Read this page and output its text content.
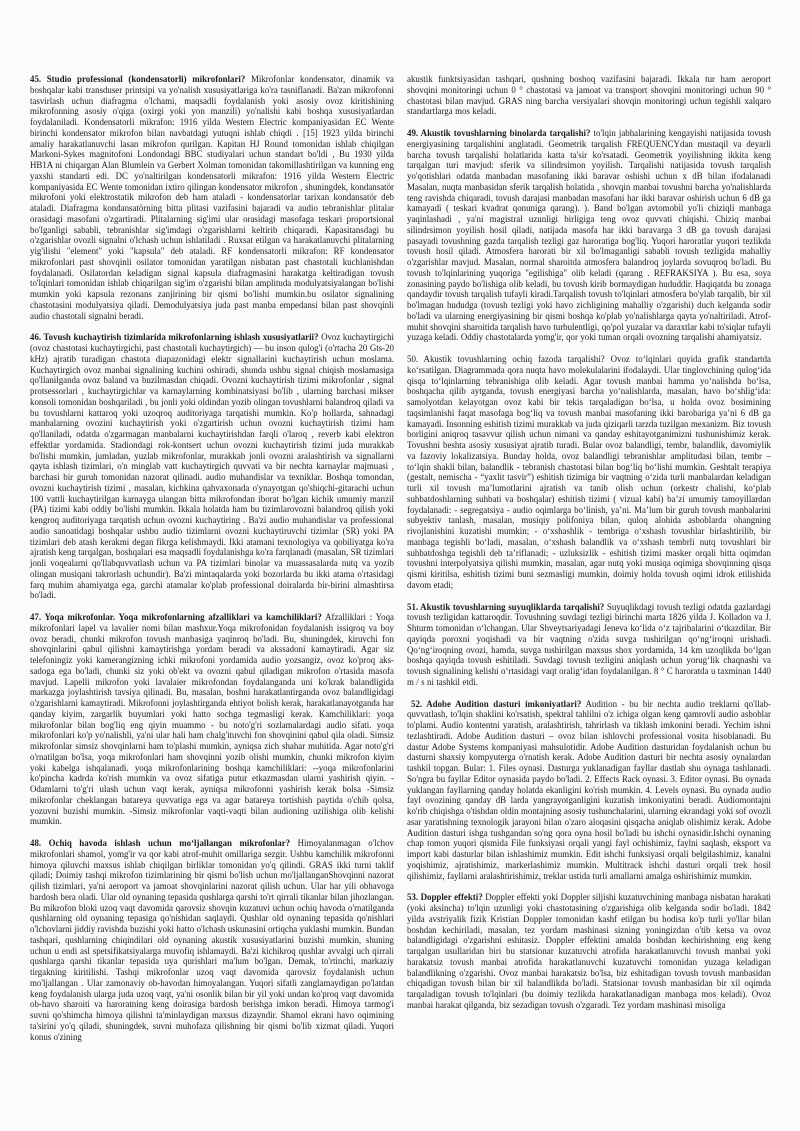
45. Studio professional (kondensatorli) mikrofonlari? Mikrofonlar kondensator, dinamik va boshqalar kabi transduser printsipi va yo'nalish xususiyatlariga ko'ra tasniflanadi. Ba'zan mikrofonni tasvirlash uchun diafragma o'lchami, maqsadli foydalanish yoki asosiy ovoz kiritishining mikrofonning asosiy o'qiga (oxirgi yoki yon manzili) yo'nalishi kabi boshqa xususiyatlardan foydalaniladi. Kondensatorli mikrafon: 1916 yilda Western Electric kompaniyasidan EC Wente birinchi kondensator mikrofon bilan navbatdagi yutuqni ishlab chiqdi . [15] 1923 yilda birinchi amaliy harakatlanuvchi lasan mikrofon qurilgan. Kapitan HJ Round tomonidan ishlab chiqilgan Markoni-Sykes magnitofoni Londondagi BBC studiyalari uchun standart bo'ldi , Bu 1930 yilda HB1A ni chiqargan Alan Blumlein va Gerbert Xolman tomonidan takomillashtirilgan va kunning eng yaxshi standarti edi. DC yo'naltirilgan kondensatorli mikrafon: 1916 yilda Western Electric kompaniyasida EC Wente tomonidan ixtiro qilingan kondensator mikrofon , shuningdek, kondansatör mikrofoni yoki elektrostatik mikrofon deb ham ataladi - kondensatorlar tarixan kondansatör deb ataladi. Diafragma kondansatörning bitta plitasi vazifasini bajaradi va audio tebranishlar plitalar orasidagi masofani o'zgartiradi. Plitalarning sig'imi ular orasidagi masofaga teskari proportsional bo'lganligi sababli, tebranishlar sig'imdagi o'zgarishlarni keltirib chiqaradi. Kapasitansdagi bu o'zgarishlar ovozli signalni o'lchash uchun ishlatiladi . Ruxsat etilgan va harakatlanuvchi plitalarning yig'ilishi "element" yoki "kapsula" deb ataladi. RF kondensatorli mikrafon: RF kondensator mikrofonlari past shovqinli osilator tomonidan yaratilgan nisbatan past chastotali kuchlanishdan foydalanadi. Osilatordan keladigan signal kapsula diafragmasini harakatga keltiradigan tovush to'lqinlari tomonidan ishlab chiqarilgan sig'im o'zgarishi bilan amplituda modulyatsiyalangan bo'lishi mumkin yoki kapsula rezonans zanjirining bir qismi bo'lishi mumkin.bu osilator signalining chastotasini modulyatsiya qiladi. Demodulyatsiya juda past manba empedansi bilan past shovqinli audio chastotali signalni beradi.

46. Tovush kuchaytirish tizimlarida mikrofonlarning ishlash xususiyatlarii? Ovoz kuchaytirgichi (ovoz chastotasi kuchaytirgichi, past chastotali kuchaytirgich) — bu inson qulog'i (o'rtacha 20 Gts-20 kHz) ajratib turadigan chastota diapazonidagi elektr signallarini kuchaytirish uchun moslama. Kuchaytirgich ovoz manbai signalining kuchini oshiradi, shunda ushbu signal chiqish moslamasiga qo'llanilganda ovoz baland va buzilmasdan chiqadi. Ovozni kuchaytirish tizimi mikrofonlar , signal protsessorlari , kuchaytirgichlar va karnaylarning kombinatsiyasi bo'lib , ularning barchasi mikser konsoli tomonidan boshqariladi , bu jonli yoki oldindan yozib olingan tovushlarni balandroq qiladi va bu tovushlarni kattaroq yoki uzoqroq auditoriyaga tarqatishi mumkin. Ko'p hollarda, sahnadagi manbalarning ovozini kuchaytirish yoki o'zgartirish uchun ovozni kuchaytirish tizimi ham qo'llaniladi, odatda o'zgarmagan manbalarni kuchaytirishdan farqli o'laroq , reverb kabi elektron effektlar yordamida. Stadiondagi rok-kontsert uchun ovozni kuchaytirish tizimi juda murakkab bo'lishi mumkin, jumladan, yuzlab mikrofonlar, murakkab jonli ovozni aralashtirish va signallarni qayta ishlash tizimlari, o'n minglab vatt kuchaytirgich quvvati va bir nechta karnaylar majmuasi , barchasi bir guruh tomonidan nazorat qilinadi. audio muhandislar va texniklar. Boshqa tomondan, ovozni kuchaytirish tizimi , masalan, kichkina qahvaxonada o'ynayotgan qo'shiqchi-gitarachi uchun 100 vattli kuchaytirilgan karnayga ulangan bitta mikrofondan iborat bo'lgan kichik umumiy manzil (PA) tizimi kabi oddiy bo'lishi mumkin. Ikkala holatda ham bu tizimlarovozni balandroq qilish yoki kengroq auditoriyaga tarqatish uchun ovozni kuchaytiring . Ba'zi audio muhandislar va professional audio sanoatidagi boshqalar ushbu audio tizimlarni ovozni kuchaytiruvchi tizimlar (SR) yoki PA tizimlari deb atash kerakmi degan fikrga kelishmaydi. Ikki atamani texnologiya va qobiliyatga ko'ra ajratish keng tarqalgan, boshqalari esa maqsadli foydalanishga ko'ra farqlanadi (masalan, SR tizimlari jonli voqealarni qo'llabquvvatlash uchun va PA tizimlari binolar va muassasalarda nutq va yozib olingan musiqani takrorlash uchundir). Ba'zi mintaqalarda yoki bozorlarda bu ikki atama o'rtasidagi farq muhim ahamiyatga ega, garchi atamalar ko'plab professional doiralarda bir-birini almashtirsa bo'ladi.

47. Yoqa mikrofonlar. Yoqa mikrofonlarning afzalliklari va kamchiliklari? Afzalliklari : Yoqa mikrofonlari lapel va lavalier nomi bilan mashxur.Yoqa mikrofonidan foydalanish issiqroq va boy ovoz beradi, chunki mikrofon tovush manbasiga yaqinroq bo'ladi. Bu, shuningdek, kiruvchi fon shovqinlarini qabul qilishni kamaytirishga yordam beradi va akssadoni kamaytiradi. Agar siz telefoningiz yoki kamerangizning ichki mikrofoni yordamida audio yozsangiz, ovoz ko'proq aks-sadoga ega bo'ladi, chunki siz yoki ob'ekt va ovozni qabul qiladigan mikrofon o'rtasida masofa mavjud. Lapelli mikrofon yoki lavalaier mikrofondan foydalanganda uni ko'krak balandligida markazga joylashtirish tavsiya qilinadi. Bu, masalan, boshni harakatlantirganda ovoz balandligidagi o'zgarishlarni kamaytiradi. Mikrofonni joylashtirganda ehtiyot bolish kerak, harakatlanayotganda har qanday kiyim, zargarlik buyumlari yoki hatto sochga tegmasligi kerak. Kamchiliklari: yoqa mikrofonlar bilan bog'liq eng qiyin muammo - bu noto'g'ri sozlamalardagi audio sifati. yoqa mikrofonlari ko'p yo'nalishli, ya'ni ular hali ham chalg'ituvchi fon shovqinini qabul qila oladi. Simsiz mikrofonlar simsiz shovqinlarni ham to'plashi mumkin, ayniqsa zich shahar muhitida. Agar noto'g'ri o'rnatilgan bo'lsa, yoqa mikrofonlari ham shovqinni yozib olishi mumkin, chunki mikrofon kiyim yoki kabelga ishqalanadi. yoqa mikrofonlarining boshqa kamchiliklari: --yoqa mikrofonlarini ko'pincha kadrda ko'rish mumkin va ovoz sifatiga putur etkazmasdan ularni yashirish qiyin. -Odamlarni to'g'ri ulash uchun vaqt kerak, ayniqsa mikrofonni yashirish kerak bolsa -Simsiz mikrofonlar cheklangan batareya quvvatiga ega va agar batareya tortishish paytida o'chib qolsa, yozuvni buzishi mumkin. -Simsiz mikrofonlar vaqti-vaqti bilan audioning uzilishiga olib kelishi mumkin.

48. Ochiq havoda ishlash uchun mo‘ljallangan mikrofonlar? Himoyalanmagan o'lchov mikrofonlari shamol, yomg'ir va qor kabi atrof-muhit omillariga sezgir. Ushbu kamchilik mikrofonni himoya qiluvchi maxsus ishlab chiqilgan birliklar tomonidan yo'q qilindi. GRAS ikki turni taklif qiladi; Doimiy tashqi mikrofon tizimlarining bir qismi bo'lish uchun mo'ljallanganShovqinni nazorat qilish tizimlari, ya'ni aeroport va jamoat shovqinlarini nazorat qilish uchun. Ular har yili obhavoga bardosh bera oladi. Ular old oynaning tepasida qushlarga qarshi to'rt qirrali tikanlar bilan jihozlangan. Bu mikrofon bloki uzoq vaqt davomida qarovsiz shovqin kuzatuvi uchun ochiq havoda o'rnatilganda qushlarning old oynaning tepasiga qo'nishidan saqlaydi. Qushlar old oynaning tepasida qo'nishlari o'lchovlarni jiddiy ravishda buzishi yoki hatto o'lchash uskunasini ortiqcha yuklashi mumkin. Bundan tashqari, qushlarning chiqindilari old oynaning akustik xususiyatlarini buzishi mumkin, shuning uchun u endi asl spetsifikatsiyalarga muvofiq ishlamaydi. Ba'zi kichikroq qushlar avvalgi uch qirrali qushlarga qarshi tikanlar tepasida uya qurishlari ma'lum bo'lgan. Demak, to'rtinchi, markaziy tirgakning kiritilishi. Tashqi mikrofonlar uzoq vaqt davomida qarovsiz foydalanish uchun mo'ljallangan . Ular zamonaviy ob-havodan himoyalangan. Yuqori sifatli zanglamaydigan po'latdan keng foydalanish ularga juda uzoq vaqt, ya'ni osonlik bilan bir yil yoki undan ko'proq vaqt davomida ob-havo sharoiti va haroratning keng doirasiga bardosh berishga imkon beradi. Himoya tarmog'i suvni qo'shimcha himoya qilishni ta'minlaydigan maxsus dizayndir. Shamol ekrani havo oqimining ta'sirini yo'q qiladi, shuningdek, suvni muhofaza qilishning bir qismi bo'lib xizmat qiladi. Yuqori konus o'zining

akustik funktsiyasidan tashqari, qushning boshoq vazifasini bajaradi. Ikkala tur ham aeroport shovqini monitoringi uchun 0 ° chastotasi va jamoat va transport shovqini monitoringi uchun 90 ° chastotasi bilan mavjud. GRAS ning barcha versiyalari shovqin monitoringi uchun tegishli xalqaro standartlarga mos keladi.

49. Akustik tovushlarning binolarda tarqalishi? to'lqin jabhalarining kengayishi natijasida tovush energiyasining tarqalishini anglatadi. Geometrik tarqalish FREQUENCYdan mustaqil va deyarli barcha tovush tarqalishi holatlarida katta ta'sir ko'rsatadi. Geometrik yoyilishning ikkita keng tarqalgan turi mavjud: sferik va silindrsimon yoyilish. Tarqalishi natijasida tovush tarqalish yo'qotishlari odatda manbadan masofaning ikki baravar oshishi uchun x dB bilan ifodalanadi Masalan, nuqta manbasidan sferik tarqalish holatida , shovqin manbai tovushni barcha yo'nalishlarda teng ravishda chiqaradi, tovush darajasi manbadan masofani har ikki baravar oshirish uchun 6 dB ga kamayadi ( teskari kvadrat qonuniga qarang). ). Band bo'lgan avtomobil yo'li chiziqli manbaga yaqinlashadi , ya'ni magistral uzunligi birligiga teng ovoz quvvati chiqishi. Chiziq manbai silindrsimon yoyilish hosil qiladi, natijada masofa har ikki baravarga 3 dB ga tovush darajasi pasayadi tovushning gazda tarqalish tezligi gaz haroratiga bog'liq. Yuqori haroratlar yuqori tezlikda tovush hosil qiladi. Atmosfera harorati bir xil bo'lmaganligi sababli tovush tezligida mahalliy o'zgarishlar mavjud. Masalan, normal sharoitda atmosfera balandroq joylarda sovuqroq bo'ladi. Bu tovush to'lqinlarining yuqoriga "egilishiga" olib keladi (qarang . REFRAKSIYA ). Bu esa, soya zonasining paydo bo'lishiga olib keladi, bu tovush kirib bormaydigan hududdir. Haqiqatda bu zonaga qandaydir tovush tarqalish tufayli kiradi.Tarqalish tovush to'lqinlari atmosfera bo'ylab tarqalib, bir xil bo'lmagan hududga (tovush tezligi yoki havo zichligining mahalliy o'zgarishi) duch kelganda sodir bo'ladi va ularning energiyasining bir qismi boshqa ko'plab yo'nalishlarga qayta yo'naltiriladi. Atrof-muhit shovqini sharoitida tarqalish havo turbulentligi, qo'pol yuzalar va daraxtlar kabi to'siqlar tufayli yuzaga keladi. Oddiy chastotalarda yomg'ir, qor yoki tuman orqali ovozning tarqalishi ahamiyatsiz.

50. Akustik tovushlarning ochiq fazoda tarqalishi? Ovoz toʻlqinlari quyida grafik standartda koʻrsatilgan. Diagrammada qora nuqta havo molekulalarini ifodalaydi. Ular tinglovchining qulogʻida qisqa toʻlqinlarning tebranishiga olib keladi. Agar tovush manbai hamma yoʻnalishda boʻlsa, boshqacha qilib aytganda, tovush energiyasi barcha yoʻnalishlarda, masalan, havo boʻshligʻida: samolyotdan kelayotgan ovoz kabi bir tekis tarqaladigan boʻlsa, u holda ovoz bosimining taqsimlanishi faqat masofaga bogʻliq va tovush manbai masofaning ikki barobariga yaʼni 6 dB ga kamayadi. Insonning eshitish tizimi murakkab va juda qiziqarli tarzda tuzilgan mexanizm. Biz tovush borligini aniqroq tasavvur qilish uchun nimani va qanday eshitayotganimizni tushunishimiz kerak. Tovushni beshta asosiy xususiyat ajratib turadi. Bular ovoz balandligi, tembr, balandlik, davomiylik va fazoviy lokalizatsiya. Bunday holda, ovoz balandligi tebranishlar amplitudasi bilan, tembr – toʻlqin shakli bilan, balandlik - tebranish chastotasi bilan bogʻliq boʻlishi mumkin. Geshtalt terapiya (gestalt, nemischa - “yaxlit tasvir”) eshitish tizimiga bir vaqtning oʻzida turli manbalardan keladigan turli xil tovush maʼlumotlarini ajratish va tanib olish uchun (orkestr chalishi, koʻplab suhbatdoshlarning suhbati va boshqalar) eshitish tizimi ( vizual kabi) baʼzi umumiy tamoyillardan foydalanadi: - segregatsiya - audio oqimlarga boʻlinish, yaʼni. Maʼlum bir guruh tovush manbalarini subyektiv tanlash, masalan, musiqiy polifoniya bilan, quloq alohida asboblarda ohangning rivojlanishini kuzatishi mumkin; - oʻxshashlik - tembriga oʻxshash tovushlar birlashtirilib, bir manbaga tegishli boʻladi, masalan, oʻxshash balandlik va oʻxshash tembrli nutq tovushlari bir suhbatdoshga tegishli deb taʼriflanadi; - uzluksizlik - eshitish tizimi masker orqali bitta oqimdan tovushni interpolyatsiya qilishi mumkin, masalan, agar nutq yoki musiqa oqimiga shovqinning qisqa qismi kiritilsa, eshitish tizimi buni sezmasligi mumkin, doimiy holda tovush oqimi idrok etilishida davom etadi;

51. Akustik tovushlarning suyuqliklarda tarqalishi? Suyuqlikdagi tovush tezligi odatda gazlardagi tovush tezligidan kattaroqdir. Tovushning suvdagi tezligi birinchi marta 1826 yilda J. Kolladon va J. Shturm tomonidan oʻlchangan. Ular Shveytsariyadagi Jeneva koʻlida oʻz tajribalarini oʻtkazdilar. Bir qayiqda poroxni yoqishadi va bir vaqtning o'zida suvga tushirilgan qoʻngʻiroqni urishadi. Qoʻngʻiroqning ovozi, hamda, suvga tushirilgan maxsus shox yordamida, 14 km uzoqlikda boʻlgan boshqa qayiqda tovush eshitiladi. Suvdagi tovush tezligini aniqlash uchun yorugʻlik chaqnashi va tovush signalining kelishi oʻrtasidagi vaqt oraligʻidan foydalanilgan. 8 ° C haroratda u taxminan 1440 m / s ni tashkil etdi.

52. Adobe Audition dasturi imkoniyatlari? Audition - bu bir nechta audio treklarni qo'llab-quvvatlash, to'lqin shaklini ko'rsatish, spektral tahlilni o'z ichiga olgan keng qamrovli audio asboblar to'plami. Audio kontentni yaratish, aralashtirish, tahrirlash va tiklash imkonini beradi. Yechim ishni tezlashtiradi. Adobe Audition dasturi – ovoz bilan ishlovchi professional vosita hisoblanadi. Bu dastur Adobe Systems kompaniyasi mahsulotidir. Adobe Audition dasturidan foydalanish uchun bu dasturni shaxsiy kompyuterga o'rnatish kerak. Adobe Audition dasturi bir nechta asosiy oynalardan tashkil topgan. Bular: 1. Files oynasi. Dasturga yuklanadigan fayllar dastlab shu oynaga tashlanadi. So'ngra bu fayllar Editor oynasida paydo bo'ladi. 2. Effects Rack oynasi. 3. Editor oynasi. Bu oynada yuklangan fayllarning qanday holatda ekanligini ko'rish mumkin. 4. Levels oynasi. Bu oynada audio fayl ovozining qanday dB larda yangrayotganligini kuzatish imkoniyatini beradi. Audiomontajni ko'rib chiqishga o'tishdan oldin montajning asosiy tushunchalarini, ularning ekrandagi yoki sof ovozli asar yaratishning texnologik jarayoni bilan o'zaro aloqasini qisqacha aniqlab olishimiz kerak. Adobe Audition dasturi ishga tushgandan so'ng qora oyna hosil bo'ladi bu ishchi oynasidir.Ishchi oynaning chap tomon yuqori qismida File funksiyasi orqali yangi fayl ochishimiz, faylni saqlash, eksport va import kabi dasturlar bilan ishlashimiz mumkin. Edit ishchi funksiyasi orqali belgilashimiz, kanalni yoqishimiz, ajratishimiz, markerlashimiz mumkin. Multitrack ishchi dasturi orqali trek hosil qilishimiz, fayllarni aralashtirishimiz, treklar ustida turli amallarni amalga oshirishimiz mumkin.

53. Doppler effekti? Doppler effekti yoki Doppler siljishi kuzatuvchining manbaga nisbatan harakati (yoki aksincha) to'lqin uzunligi yoki chastotasining o'zgarishiga olib kelganda sodir bo'ladi. 1842 yilda avstriyalik fizik Kristian Doppler tomonidan kashf etilgan bu hodisa ko'p turli yo'llar bilan boshdan kechiriladi, masalan, tez yordam mashinasi sizning yoningizdan o'tib ketsa va ovoz balandligidagi o'zgarishni eshitasiz. Doppler effektini amalda boshdan kechirishning eng keng tarqalgan usullaridan biri bu statsionar kuzatuvchi atrofida harakatlanuvchi tovush manbai yoki harakatsiz tovush manbai atrofida harakatlanuvchi kuzatuvchi tomonidan yuzaga keladigan balandlikning o'zgarishi. Ovoz manbai harakatsiz bo'lsa, biz eshitadigan tovush tovush manbasidan chiqadigan tovush bilan bir xil balandlikda bo'ladi. Statsionar tovush manbasidan bir xil oqimda tarqaladigan tovush to'lqinlari (bu doimiy tezlikda harakatlanadigan manbaga mos keladi). Ovoz manbai harakat qilganda, biz sezadigan tovush o'zgaradi. Tez yordam mashinasi misoliga
